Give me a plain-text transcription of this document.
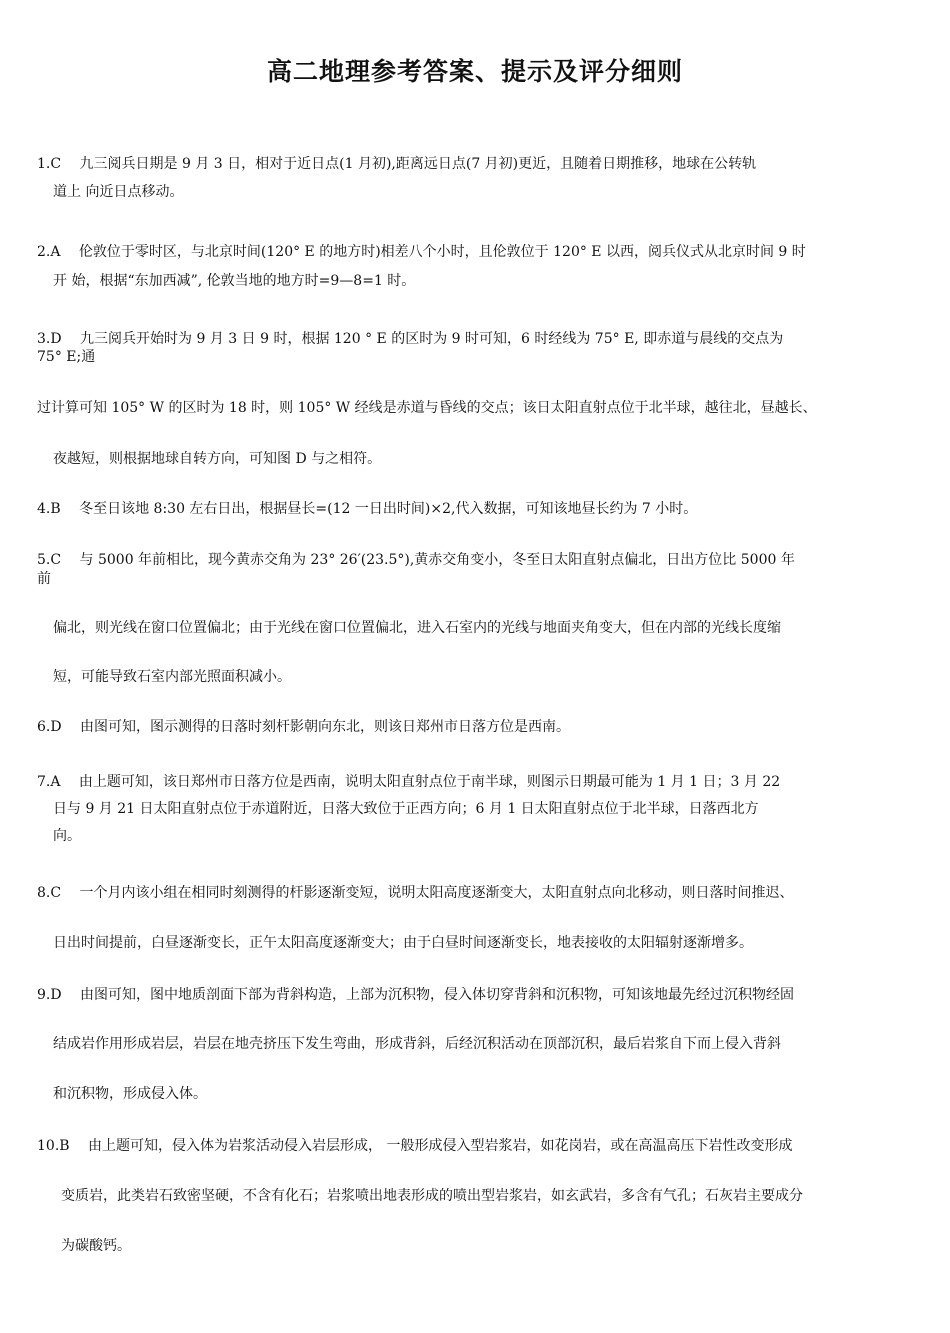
高二地理参考答案、提示及评分细则
1.C　 九三阅兵日期是 9 月 3 日，相对于近日点(1 月初),距离远日点(7 月初)更近，且随着日期推移，地球在公转轨
道上 向近日点移动。
2.A　 伦敦位于零时区，与北京时间(120° E 的地方时)相差八个小时，且伦敦位于 120° E 以西，阅兵仪式从北京时间 9 时
开 始，根据“东加西减”, 伦敦当地的地方时=9—8=1 时。
3.D　 九三阅兵开始时为 9 月 3 日 9 时，根据 120 ° E 的区时为 9 时可知，6 时经线为 75° E, 即赤道与晨线的交点为
75° E;通
过计算可知 105° W 的区时为 18 时，则 105° W 经线是赤道与昏线的交点；该日太阳直射点位于北半球，越往北，昼越长、
夜越短，则根据地球自转方向，可知图 D 与之相符。
4.B　 冬至日该地 8:30 左右日出，根据昼长=(12 一日出时间)×2,代入数据，可知该地昼长约为 7 小时。
5.C　 与 5000 年前相比，现今黄赤交角为 23° 26′(23.5°),黄赤交角变小，冬至日太阳直射点偏北，日出方位比 5000 年
前
偏北，则光线在窗口位置偏北；由于光线在窗口位置偏北，进入石室内的光线与地面夹角变大，但在内部的光线长度缩
短，可能导致石室内部光照面积减小。
6.D　 由图可知，图示测得的日落时刻杆影朝向东北，则该日郑州市日落方位是西南。
7.A　 由上题可知，该日郑州市日落方位是西南，说明太阳直射点位于南半球，则图示日期最可能为 1 月 1 日；3 月 22
日与 9 月 21 日太阳直射点位于赤道附近，日落大致位于正西方向；6 月 1 日太阳直射点位于北半球，日落西北方
向。
8.C　 一个月内该小组在相同时刻测得的杆影逐渐变短，说明太阳高度逐渐变大，太阳直射点向北移动，则日落时间推迟、
日出时间提前，白昼逐渐变长，正午太阳高度逐渐变大；由于白昼时间逐渐变长，地表接收的太阳辐射逐渐增多。
9.D　 由图可知，图中地质剖面下部为背斜构造，上部为沉积物，侵入体切穿背斜和沉积物，可知该地最先经过沉积物经固
结成岩作用形成岩层，岩层在地壳挤压下发生弯曲，形成背斜，后经沉积活动在顶部沉积，最后岩浆自下而上侵入背斜
和沉积物，形成侵入体。
10.B　 由上题可知，侵入体为岩浆活动侵入岩层形成， 一般形成侵入型岩浆岩，如花岗岩，或在高温高压下岩性改变形成
变质岩，此类岩石致密坚硬，不含有化石；岩浆喷出地表形成的喷出型岩浆岩，如玄武岩，多含有气孔；石灰岩主要成分
为碳酸钙。
